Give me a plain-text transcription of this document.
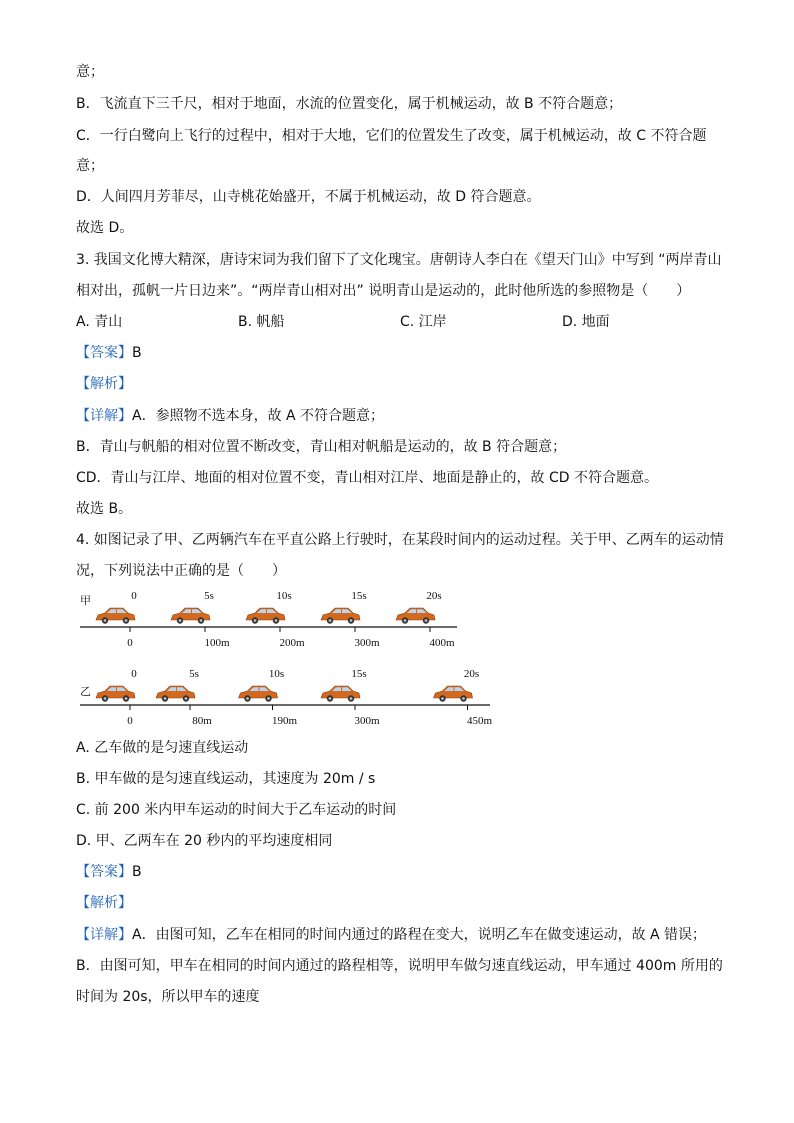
意；
B．飞流直下三千尺，相对于地面，水流的位置变化，属于机械运动，故 B 不符合题意；
C．一行白鹭向上飞行的过程中，相对于大地，它们的位置发生了改变，属于机械运动，故 C 不符合题
意；
D．人间四月芳菲尽，山寺桃花始盛开，不属于机械运动，故 D 符合题意。
故选 D。
3. 我国文化博大精深，唐诗宋词为我们留下了文化瑰宝。唐朝诗人李白在《望天门山》中写到 “两岸青山
相对出，孤帆一片日边来”。“两岸青山相对出” 说明青山是运动的，此时他所选的参照物是（　　）
A. 青山	B. 帆船	C. 江岸	D. 地面
【答案】B
【解析】
【详解】A．参照物不选本身，故 A 不符合题意；
B．青山与帆船的相对位置不断改变，青山相对帆船是运动的，故 B 符合题意；
CD．青山与江岸、地面的相对位置不变，青山相对江岸、地面是静止的，故 CD 不符合题意。
故选 B。
4. 如图记录了甲、乙两辆汽车在平直公路上行驶时，在某段时间内的运动过程。关于甲、乙两车的运动情
况，下列说法中正确的是（　　）
甲	0
0
5s
100m
10s
200m
15s
300m
20s
400m
乙
0
0
5s
80m
10s
190m
15s
300m
20s
450m
A. 乙车做的是匀速直线运动
B. 甲车做的是匀速直线运动，其速度为 20m / s
C. 前 200 米内甲车运动的时间大于乙车运动的时间
D. 甲、乙两车在 20 秒内的平均速度相同
【答案】B
【解析】
【详解】A．由图可知，乙车在相同的时间内通过的路程在变大，说明乙车在做变速运动，故 A 错误；
B．由图可知，甲车在相同的时间内通过的路程相等，说明甲车做匀速直线运动，甲车通过 400m 所用的
时间为 20s，所以甲车的速度
